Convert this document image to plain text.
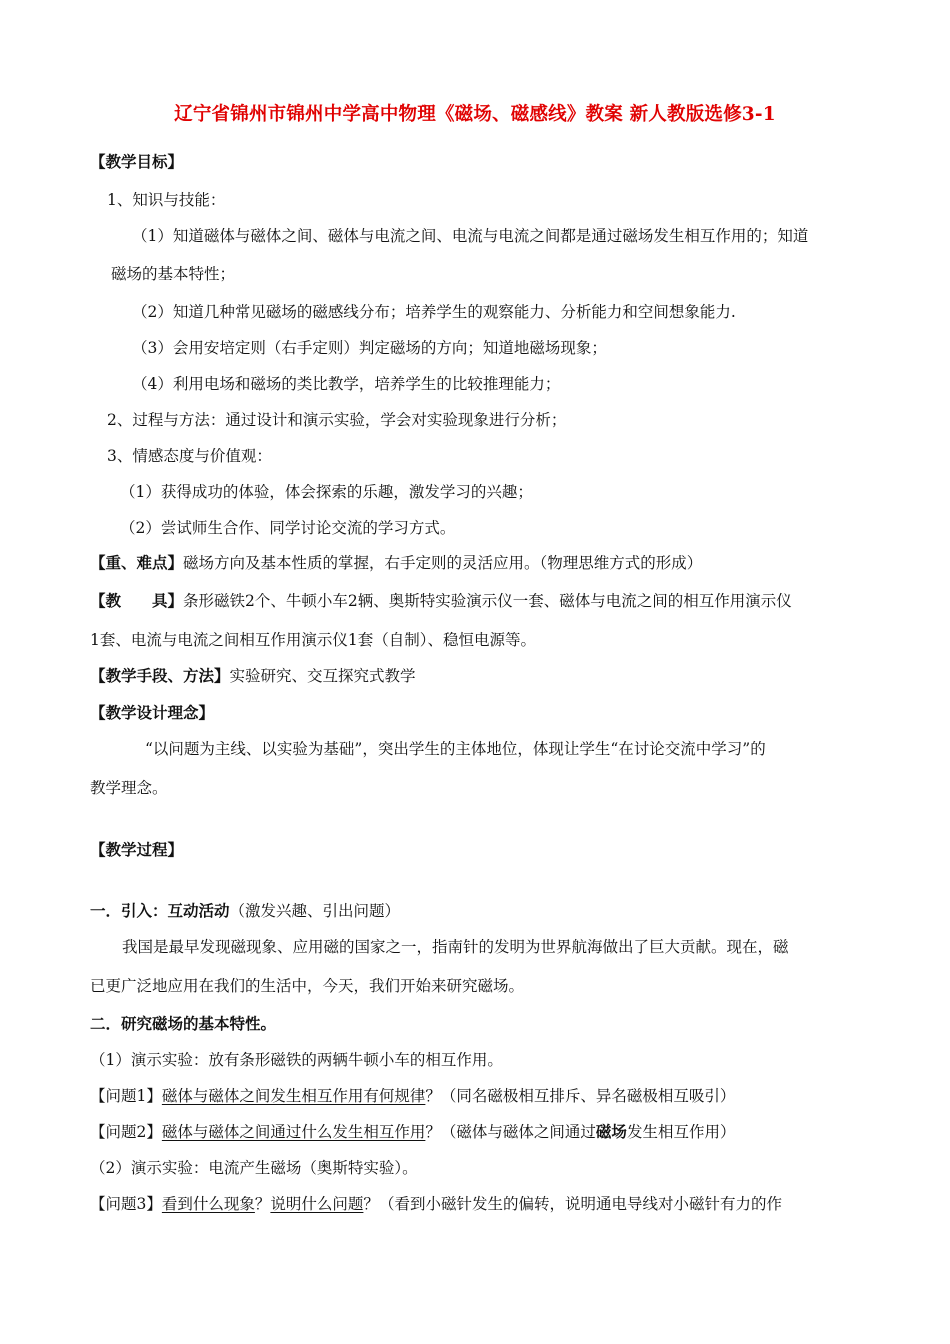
辽宁省锦州市锦州中学高中物理《磁场、磁感线》教案 新人教版选修3-1
【教学目标】
1、知识与技能：
（1）知道磁体与磁体之间、磁体与电流之间、电流与电流之间都是通过磁场发生相互作用的；知道
磁场的基本特性；
（2）知道几种常见磁场的磁感线分布；培养学生的观察能力、分析能力和空间想象能力.
（3）会用安培定则（右手定则）判定磁场的方向；知道地磁场现象；
（4）利用电场和磁场的类比教学，培养学生的比较推理能力；
2、过程与方法：通过设计和演示实验，学会对实验现象进行分析；
3、情感态度与价值观：
（1）获得成功的体验，体会探索的乐趣，激发学习的兴趣；
（2）尝试师生合作、同学讨论交流的学习方式。
【重、难点】磁场方向及基本性质的掌握，右手定则的灵活应用。（物理思维方式的形成）
【教　　具】条形磁铁2个、牛顿小车2辆、奥斯特实验演示仪一套、磁体与电流之间的相互作用演示仪
1套、电流与电流之间相互作用演示仪1套（自制）、稳恒电源等。
【教学手段、方法】实验研究、交互探究式教学
【教学设计理念】
“以问题为主线、以实验为基础”，突出学生的主体地位，体现让学生“在讨论交流中学习”的
教学理念。
【教学过程】
一．引入：互动活动（激发兴趣、引出问题）
我国是最早发现磁现象、应用磁的国家之一，指南针的发明为世界航海做出了巨大贡献。现在，磁
已更广泛地应用在我们的生活中，今天，我们开始来研究磁场。
二．研究磁场的基本特性。
（1）演示实验：放有条形磁铁的两辆牛顿小车的相互作用。
【问题1】磁体与磁体之间发生相互作用有何规律？（同名磁极相互排斥、异名磁极相互吸引）
【问题2】磁体与磁体之间通过什么发生相互作用？（磁体与磁体之间通过磁场发生相互作用）
（2）演示实验：电流产生磁场（奥斯特实验）。
【问题3】看到什么现象？说明什么问题？（看到小磁针发生的偏转，说明通电导线对小磁针有力的作
